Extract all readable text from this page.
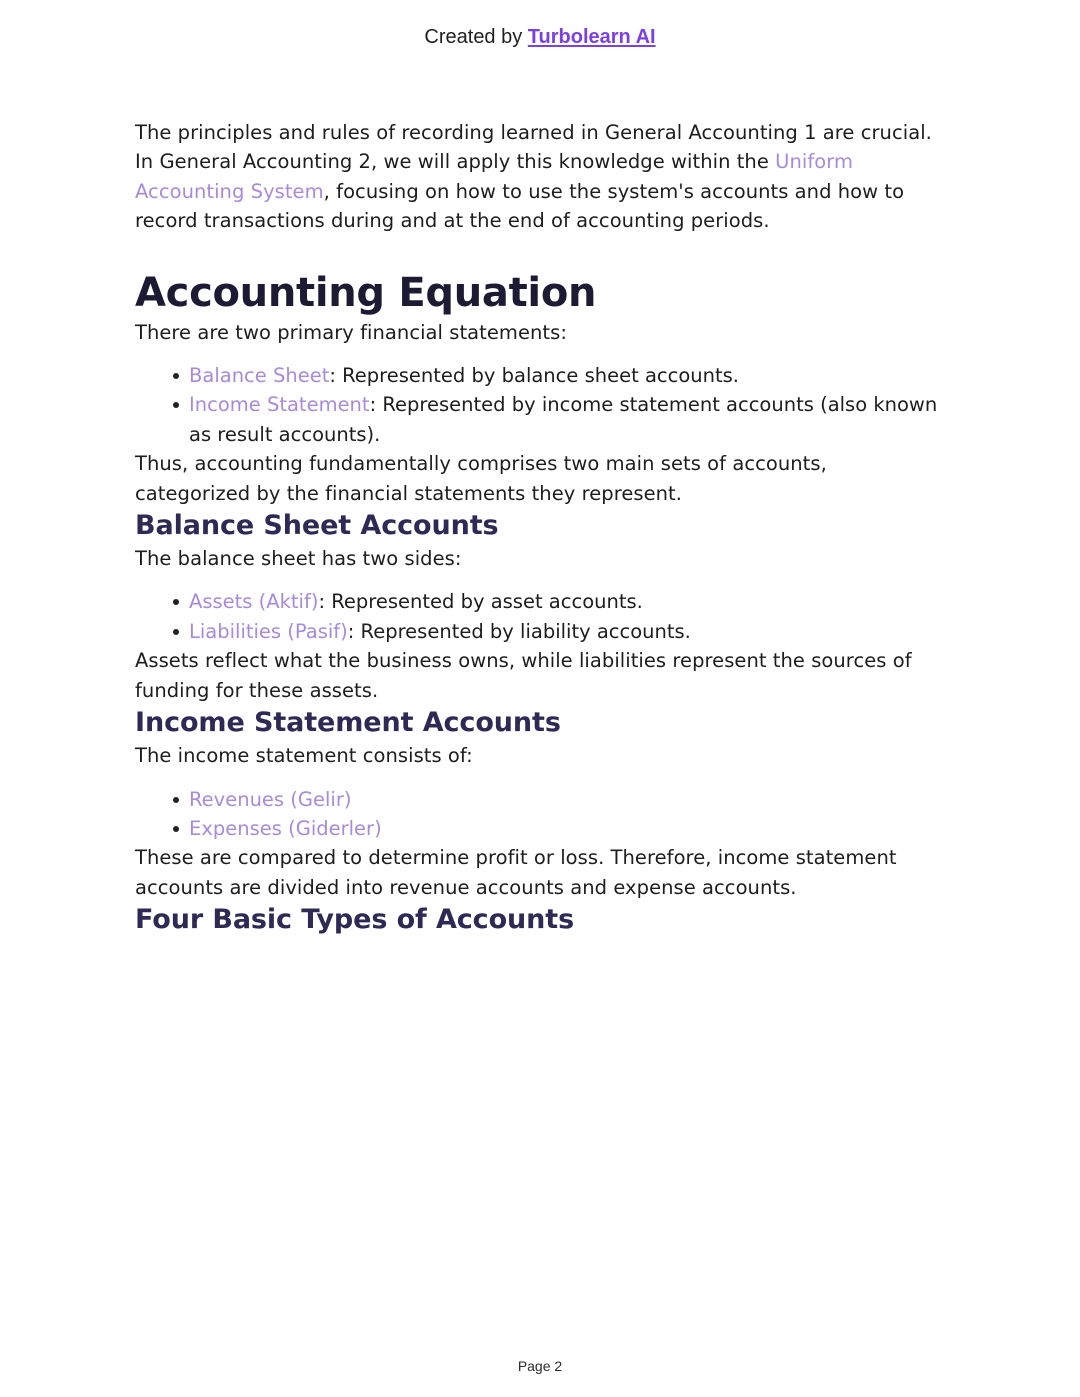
Created by Turbolearn AI

The principles and rules of recording learned in General Accounting 1 are crucial. In General Accounting 2, we will apply this knowledge within the Uniform Accounting System, focusing on how to use the system's accounts and how to record transactions during and at the end of accounting periods.

Accounting Equation

There are two primary financial statements:

Balance Sheet: Represented by balance sheet accounts.
Income Statement: Represented by income statement accounts (also known as result accounts).

Thus, accounting fundamentally comprises two main sets of accounts, categorized by the financial statements they represent.

Balance Sheet Accounts

The balance sheet has two sides:

Assets (Aktif): Represented by asset accounts.
Liabilities (Pasif): Represented by liability accounts.

Assets reflect what the business owns, while liabilities represent the sources of funding for these assets.

Income Statement Accounts

The income statement consists of:

Revenues (Gelir)
Expenses (Giderler)

These are compared to determine profit or loss. Therefore, income statement accounts are divided into revenue accounts and expense accounts.

Four Basic Types of Accounts
Page 2
